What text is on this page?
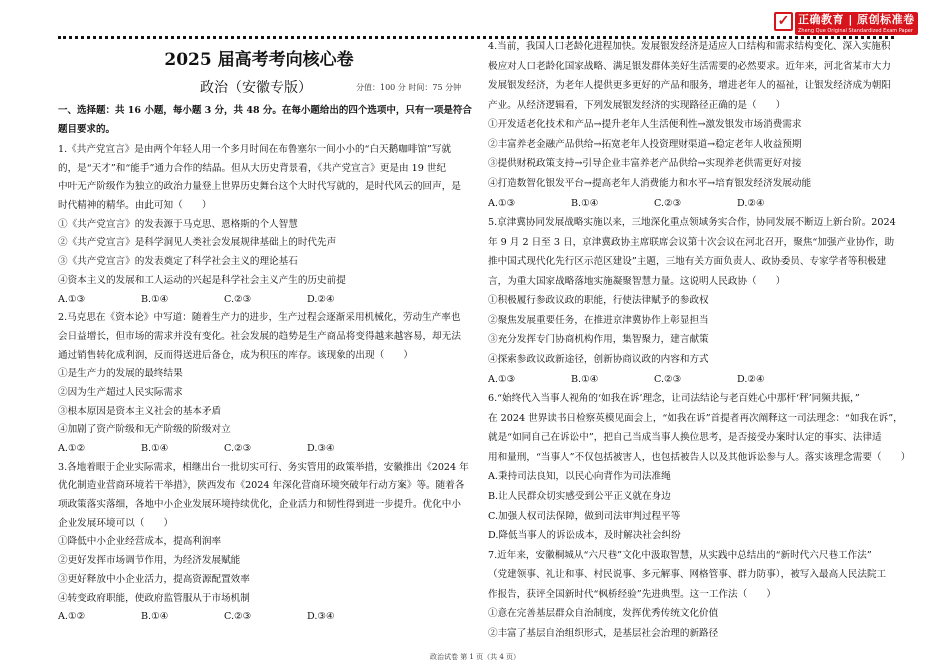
✓ 正确教育 | 原创标准卷
Zheng Que Original Standardized Exam Paper
2025 届高考考向核心卷
政治（安徽专版）	分值：100 分 时间：75 分钟
一、选择题：共 16 小题，每小题 3 分，共 48 分。在每小题给出的四个选项中，只有一项是符合
题目要求的。
1.《共产党宣言》是由两个年轻人用一个多月时间在布鲁塞尔一间小小的“白天鹅咖啡馆”写就
的，是“天才”和“能手”通力合作的结晶。但从大历史背景看，《共产党宣言》更是由 19 世纪
中叶无产阶级作为独立的政治力量登上世界历史舞台这个大时代写就的，是时代风云的回声，是
时代精神的精华。由此可知（　　）
①《共产党宣言》的发表源于马克思、恩格斯的个人智慧
②《共产党宣言》是科学洞见人类社会发展规律基础上的时代先声
③《共产党宣言》的发表奠定了科学社会主义的理论基石
④资本主义的发展和工人运动的兴起是科学社会主义产生的历史前提
A.①③	B.①④	C.②③	D.②④
2.马克思在《资本论》中写道：随着生产力的进步，生产过程会逐渐采用机械化，劳动生产率也
会日益增长，但市场的需求并没有变化。社会发展的趋势是生产商品将变得越来越容易，却无法
通过销售转化成利润，反而得送进后备仓，成为积压的库存。该现象的出现（　　）
①是生产力的发展的最终结果
②因为生产超过人民实际需求
③根本原因是资本主义社会的基本矛盾
④加剧了资产阶级和无产阶级的阶级对立
A.①②	B.①④	C.②③	D.③④
3.各地着眼于企业实际需求，相继出台一批切实可行、务实管用的政策举措，安徽推出《2024 年
优化制造业营商环境若干举措》，陕西发布《2024 年深化营商环境突破年行动方案》等。随着各
项政策落实落细，各地中小企业发展环境持续优化，企业活力和韧性得到进一步提升。优化中小
企业发展环境可以（　　）
①降低中小企业经营成本，提高利润率
②更好发挥市场调节作用，为经济发展赋能
③更好释放中小企业活力，提高资源配置效率
④转变政府职能，使政府监管服从于市场机制
A.①②	B.①④	C.②③	D.③④
4.当前，我国人口老龄化进程加快。发展银发经济是适应人口结构和需求结构变化、深入实施积
极应对人口老龄化国家战略、满足银发群体美好生活需要的必然要求。近年来，河北省某市大力
发展银发经济，为老年人提供更多更好的产品和服务，增进老年人的福祉，让银发经济成为朝阳
产业。从经济逻辑看，下列发展银发经济的实现路径正确的是（　　）
①开发适老化技术和产品→提升老年人生活便利性→激发银发市场消费需求
②丰富养老金融产品供给→拓宽老年人投资理财渠道→稳定老年人收益预期
③提供财税政策支持→引导企业丰富养老产品供给→实现养老供需更好对接
④打造数智化银发平台→提高老年人消费能力和水平→培育银发经济发展动能
A.①③	B.①④	C.②③	D.②④
5.京津冀协同发展战略实施以来，三地深化重点领域务实合作，协同发展不断迈上新台阶。2024
年 9 月 2 日至 3 日，京津冀政协主席联席会议第十次会议在河北召开，聚焦“加强产业协作，助
推中国式现代化先行区示范区建设”主题，三地有关方面负责人、政协委员、专家学者等积极建
言，为重大国家战略落地实施凝聚智慧力量。这说明人民政协（　　）
①积极履行参政议政的职能，行使法律赋予的参政权
②聚焦发展重要任务，在推进京津冀协作上彰显担当
③充分发挥专门协商机构作用，集智聚力，建言献策
④探索参政议政新途径，创新协商议政的内容和方式
A.①③	B.①④	C.②③	D.②④
6.“始终代入当事人视角的‘如我在诉’理念，让司法结论与老百姓心中那杆‘秤’同频共振，”
在 2024 世界读书日检察英模见面会上，“如我在诉”首提者再次阐释这一司法理念：“如我在诉”，
就是“如同自己在诉讼中”，把自己当成当事人换位思考，是否接受办案时认定的事实、法律适
用和量刑，“当事人”不仅包括被害人，也包括被告人以及其他诉讼参与人。落实该理念需要（　　）
A.秉持司法良知，以民心向背作为司法准绳
B.让人民群众切实感受到公平正义就在身边
C.加强人权司法保障，做到司法审判过程平等
D.降低当事人的诉讼成本，及时解决社会纠纷
7.近年来，安徽桐城从“六尺巷”文化中汲取智慧，从实践中总结出的“新时代六尺巷工作法”
（党建领事、礼让和事、村民说事、多元解事、网格管事、群力防事），被写入最高人民法院工
作报告，获评全国新时代“枫桥经验”先进典型。这一工作法（　　）
①意在完善基层群众自治制度，发挥优秀传统文化价值
②丰富了基层自治组织形式，是基层社会治理的新路径
政治试卷 第 1 页（共 4 页）
